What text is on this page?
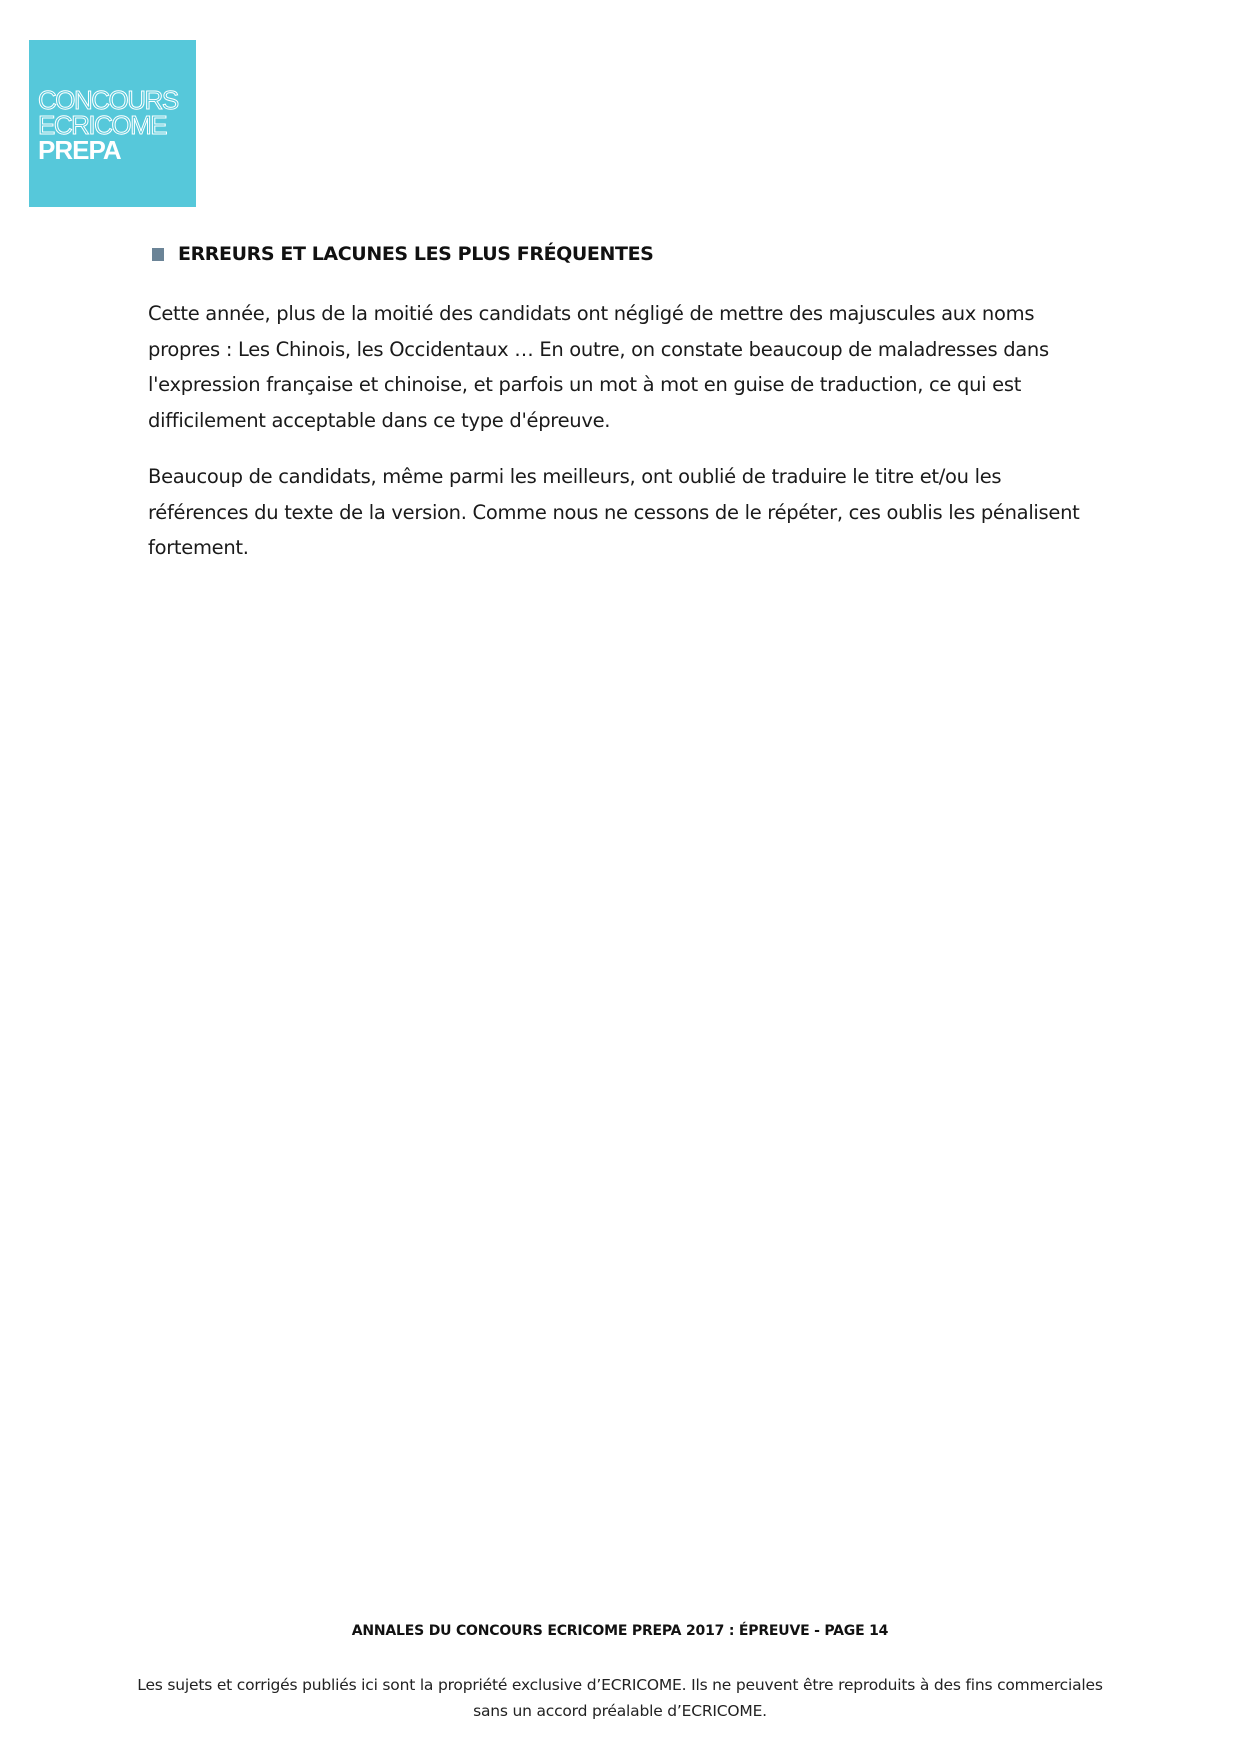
CONCOURS
ECRICOME
PREPA
ERREURS ET LACUNES LES PLUS FRÉQUENTES

Cette année, plus de la moitié des candidats ont négligé de mettre des majuscules aux noms propres : Les Chinois, les Occidentaux … En outre, on constate beaucoup de maladresses dans l'expression française et chinoise, et parfois un mot à mot en guise de traduction, ce qui est difficilement acceptable dans ce type d'épreuve.

Beaucoup de candidats, même parmi les meilleurs, ont oublié de traduire le titre et/ou les références du texte de la version. Comme nous ne cessons de le répéter, ces oublis les pénalisent fortement.

ANNALES DU CONCOURS ECRICOME PREPA 2017 : ÉPREUVE - PAGE 14

Les sujets et corrigés publiés ici sont la propriété exclusive d’ECRICOME. Ils ne peuvent être reproduits à des fins commerciales sans un accord préalable d’ECRICOME.
